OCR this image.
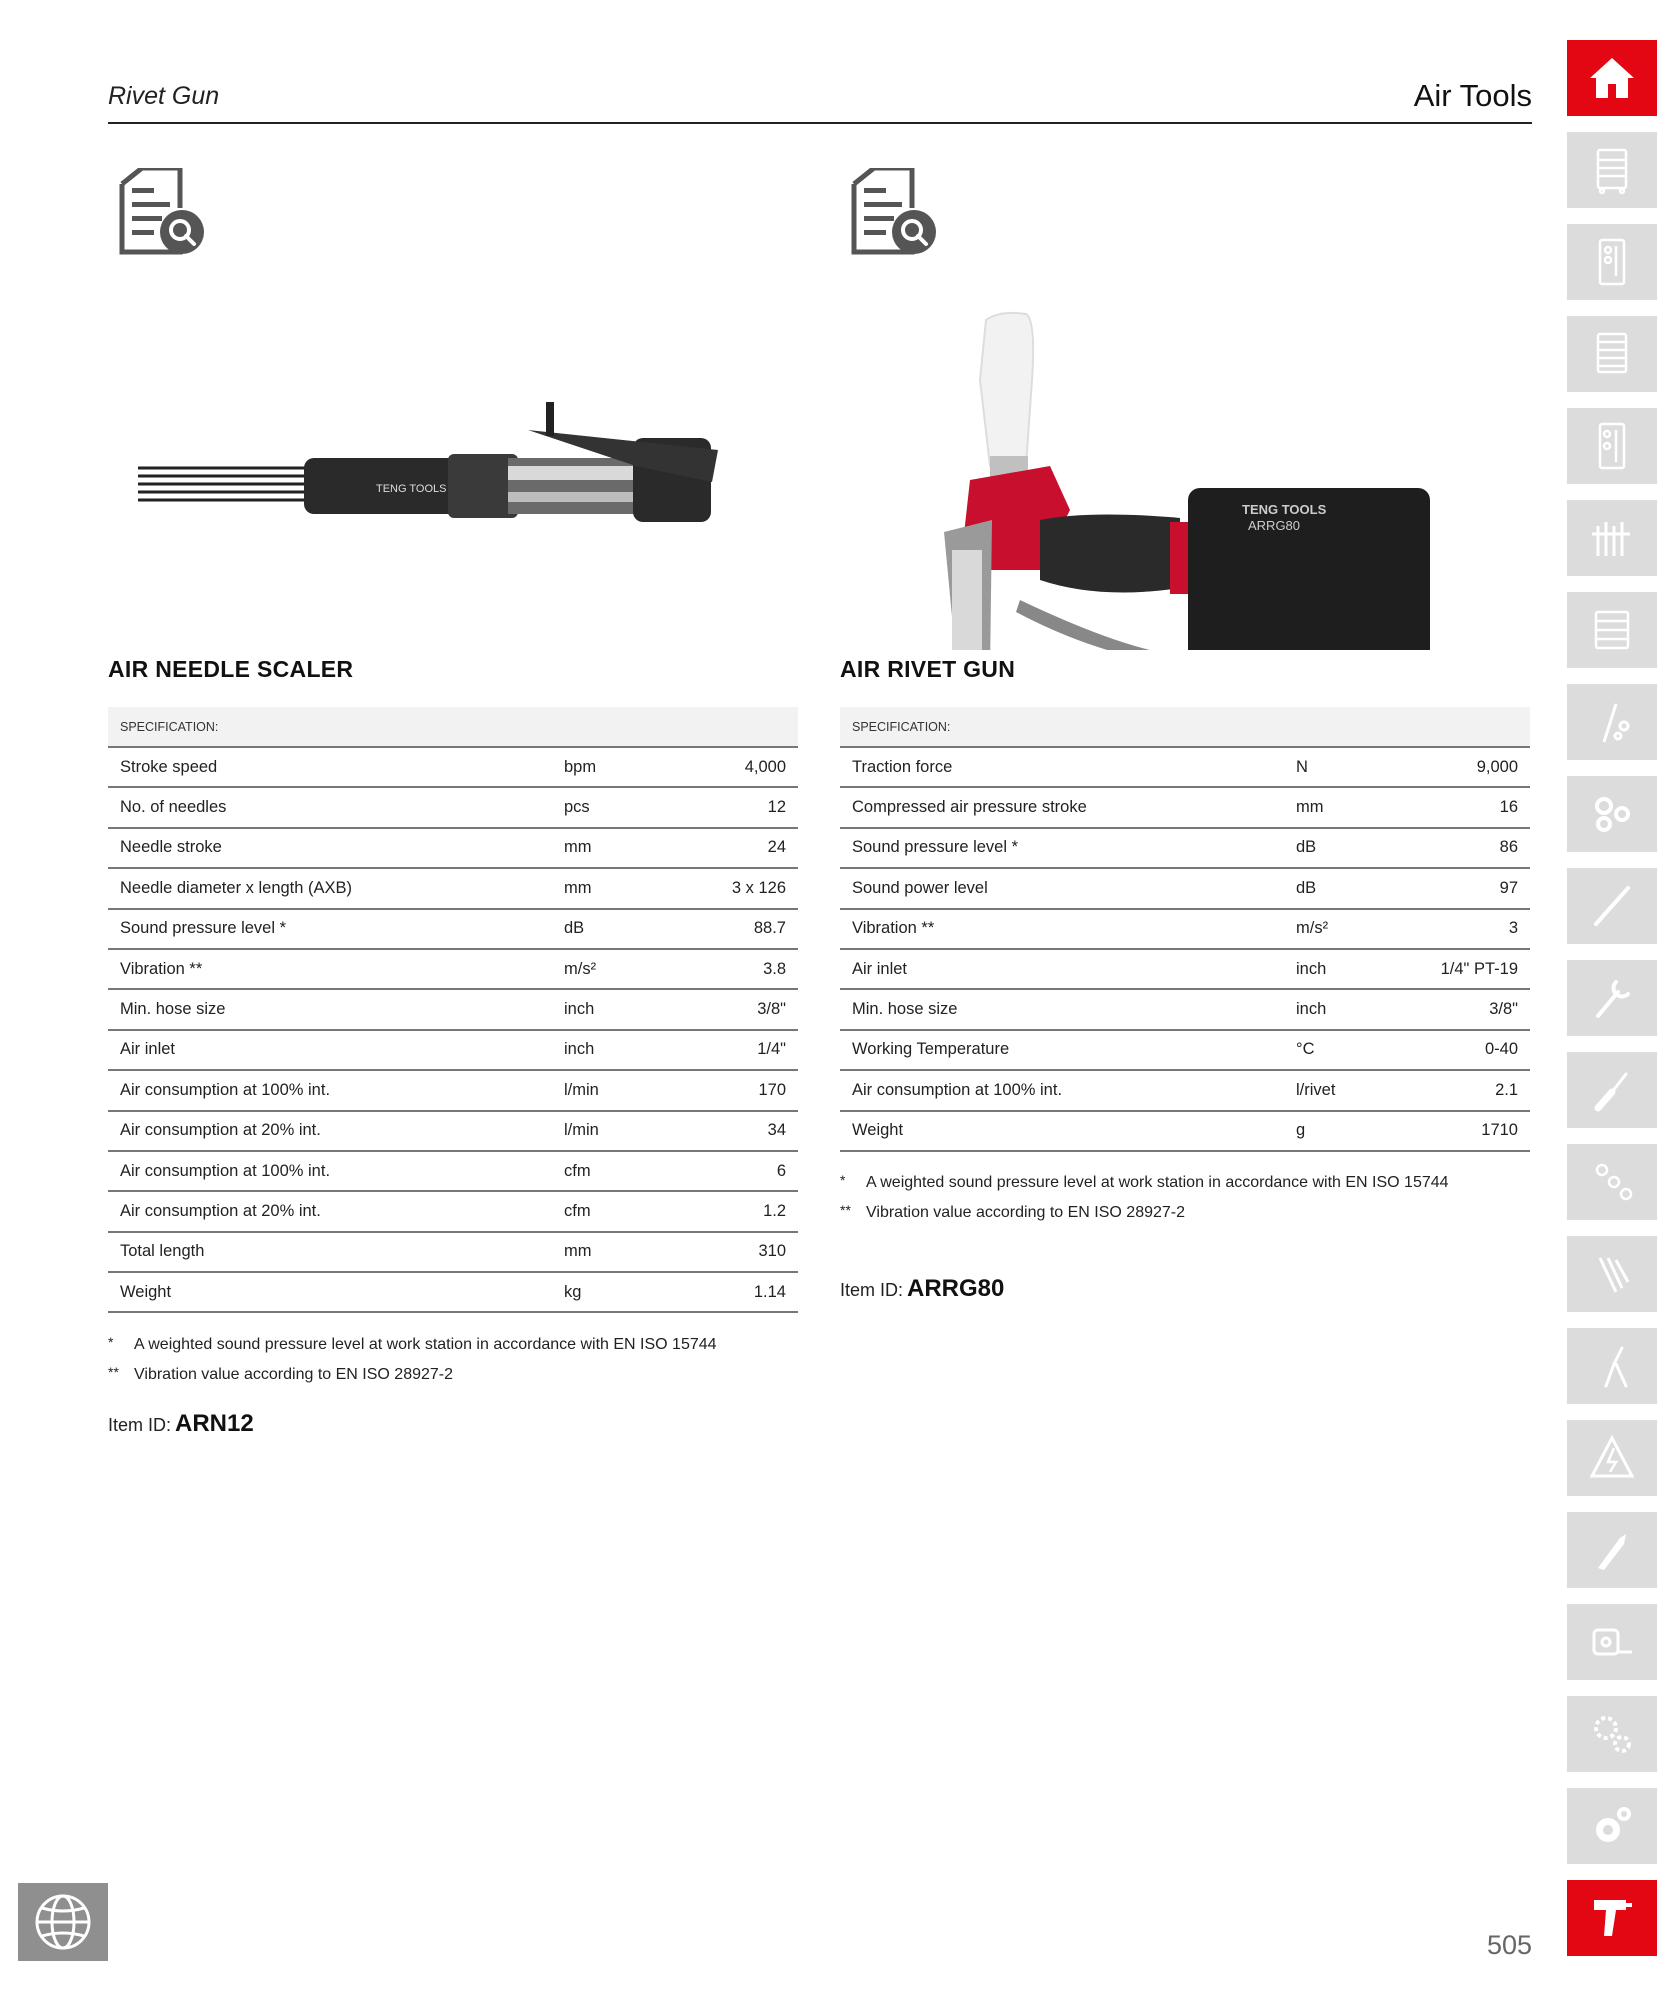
Rivet Gun	Air Tools
TENG TOOLS
AIR NEEDLE SCALER
SPECIFICATION:		
Stroke speed	bpm	4,000
No. of needles	pcs	12
Needle stroke	mm	24
Needle diameter x length (AXB)	mm	3 x 126
Sound pressure level *	dB	88.7
Vibration **	m/s²	3.8
Min. hose size	inch	3/8"
Air inlet	inch	1/4"
Air consumption at 100% int.	l/min	170
Air consumption at 20% int.	l/min	34
Air consumption at 100% int.	cfm	6
Air consumption at 20% int.	cfm	1.2
Total length	mm	310
Weight	kg	1.14
* A weighted sound pressure level at work station in accordance with EN ISO 15744
** Vibration value according to EN ISO 28927-2
Item ID: ARN12
TENG TOOLS
ARRG80
AIR RIVET GUN
SPECIFICATION:		
Traction force	N	9,000
Compressed air pressure stroke	mm	16
Sound pressure level *	dB	86
Sound power level	dB	97
Vibration **	m/s²	3
Air inlet	inch	1/4" PT-19
Min. hose size	inch	3/8"
Working Temperature	°C	0-40
Air consumption at 100% int.	l/rivet	2.1
Weight	g	1710
* A weighted sound pressure level at work station in accordance with EN ISO 15744
** Vibration value according to EN ISO 28927-2
Item ID: ARRG80
505
